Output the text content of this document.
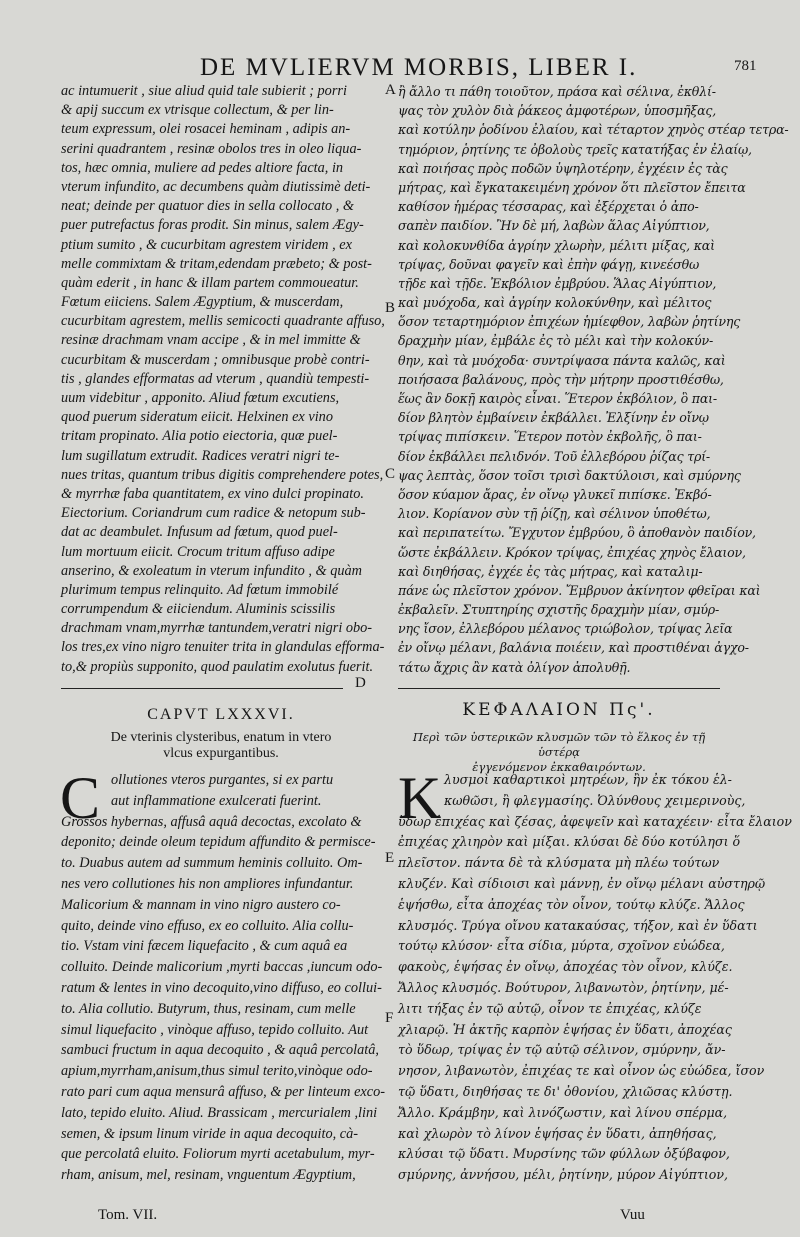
DE MVLIERVM MORBIS, LIBER I.	781
ac intumuerit , siue aliud quid tale subierit ; porri
& apij succum ex vtrisque collectum, & per lin-
teum expressum, olei rosacei heminam , adipis an-
serini quadrantem , resinæ obolos tres in oleo liqua-
tos, hæc omnia, muliere ad pedes altiore facta, in
vterum infundito, ac decumbens quàm diutissimè deti-
neat; deinde per quatuor dies in sella collocato , &
puer putrefactus foras prodit. Sin minus, salem Ægy-
ptium sumito , & cucurbitam agrestem viridem , ex
melle commixtam & tritam,edendam præbeto; & post-
quàm ederit , in hanc & illam partem commoueatur.
Fœtum eiiciens. Salem Ægyptium, & muscerdam,
cucurbitam agrestem, mellis semicocti quadrante affuso,
resinæ drachmam vnam accipe , & in mel immitte &
cucurbitam & muscerdam ; omnibusque probè contri-
tis , glandes efformatas ad vterum , quandiù tempesti-
uum videbitur , apponito. Aliud fœtum excutiens,
quod puerum sideratum eiicit. Helxinen ex vino
tritam propinato. Alia potio eiectoria, quæ puel-
lum sugillatum extrudit. Radices veratri nigri te-
nues tritas, quantum tribus digitis comprehendere potes,
& myrrhæ faba quantitatem, ex vino dulci propinato.
Eiectorium. Coriandrum cum radice & netopum sub-
dat ac deambulet. Infusum ad fœtum, quod puel-
lum mortuum eiicit. Crocum tritum affuso adipe
anserino, & exoleatum in vterum infundito , & quàm
plurimum tempus relinquito. Ad fœtum immobilé
corrumpendum & eiiciendum. Aluminis scissilis
drachmam vnam,myrrhæ tantundem,veratri nigri obo-
los tres,ex vino nigro tenuiter trita in glandulas efforma-
to,& propiùs supponito, quod paulatim exolutus fuerit.
ἢ ἄλλο τι πάθη τοιοῦτον, πράσα καὶ σέλινα, ἐκθλί-
ψας τὸν χυλὸν διὰ ῥάκεος ἀμφοτέρων, ὑποσμῆξας,
καὶ κοτύλην ῥοδίνου ἐλαίου, καὶ τέταρτον χηνὸς στέαρ τετρα-
τημόριον, ῥητίνης τε ὀβολοὺς τρεῖς κατατήξας ἐν ἐλαίῳ,
καὶ ποιήσας πρὸς ποδῶν ὑψηλοτέρην, ἐγχέειν ἐς τὰς
μήτρας, καὶ ἔγκατακειμένη χρόνον ὅτι πλεῖστον ἔπειτα
καθίσον ἡμέρας τέσσαρας, καὶ ἐξέρχεται ὁ ἀπο-
σαπὲν παιδίον. Ἢν δὲ μή, λαβὼν ἅλας Αἰγύπτιον,
καὶ κολοκυνθίδα ἀγρίην χλωρὴν, μέλιτι μίξας, καὶ
τρίψας, δοῦναι φαγεῖν καὶ ἐπὴν φάγῃ, κινεέσθω
τῇδε καὶ τῇδε. Ἐκβόλιον ἐμβρύου. Ἅλας Αἰγύπτιον,
καὶ μυόχοδα, καὶ ἀγρίην κολοκύνθην, καὶ μέλιτος
ὅσον τεταρτημόριον ἐπιχέων ἡμίεφθον, λαβὼν ῥητίνης
δραχμὴν μίαν, ἐμβάλε ἐς τὸ μέλι καὶ τὴν κολοκύν-
θην, καὶ τὰ μυόχοδα· συντρίψασα πάντα καλῶς, καὶ
ποιήσασα βαλάνους, πρὸς τὴν μήτρην προστιθέσθω,
ἕως ἂν δοκῇ καιρὸς εἶναι. Ἕτερον ἐκβόλιον, ὃ παι-
δίον βλητὸν ἐμβαίνειν ἐκβάλλει. Ἐλξίνην ἐν οἴνῳ
τρίψας πιπίσκειν. Ἕτερον ποτὸν ἐκβολῆς, ὃ παι-
δίον ἐκβάλλει πελιδνόν. Τοῦ ἐλλεβόρου ῥίζας τρί-
ψας λεπτὰς, ὅσον τοῖσι τρισὶ δακτύλοισι, καὶ σμύρνης
ὅσον κύαμον ἄρας, ἐν οἴνῳ γλυκεῖ πιπίσκε. Ἐκβό-
λιον. Κορίανον σὺν τῇ ῥίζῃ, καὶ σέλινον ὑποθέτω,
καὶ περιπατείτω. Ἔγχυτον ἐμβρύου, ὃ ἀποθανὸν παιδίον,
ὥστε ἐκβάλλειν. Κρόκον τρίψας, ἐπιχέας χηνὸς ἔλαιον,
καὶ διηθήσας, ἐγχέε ἐς τὰς μήτρας, καὶ καταλιμ-
πάνε ὡς πλεῖστον χρόνον. Ἔμβρυον ἀκίνητον φθεῖραι καὶ
ἐκβαλεῖν. Στυπτηρίης σχιστῆς δραχμὴν μίαν, σμύρ-
νης ἴσον, ἐλλεβόρου μέλανος τριώβολον, τρίψας λεῖα
ἐν οἴνῳ μέλανι, βαλάνια ποιέειν, καὶ προστιθέναι ἀγχο-
τάτω ἄχρις ἂν κατὰ ὀλίγον ἀπολυθῇ.
A
B
C
D
E
F
CAPVT LXXXVI.
De vterinis clysteribus, enatum in vtero
vlcus expurgantibus.
ΚΕΦΑΛΑΙΟΝ Πς'.
Περὶ τῶν ὑστερικῶν κλυσμῶν τῶν τὸ ἕλκος ἐν τῇ ὑστέρᾳ
ἐγγενόμενον ἐκκαθαιρόντων.
C	K
ollutiones vteros purgantes, si ex partu
aut inflammatione exulcerati fuerint.
Grossos hybernas, affusâ aquâ decoctas, excolato &
deponito; deinde oleum tepidum affundito & permisce-
to. Duabus autem ad summum heminis colluito. Om-
nes vero collutiones his non ampliores infundantur.
Malicorium & mannam in vino nigro austero co-
quito, deinde vino effuso, ex eo colluito. Alia collu-
tio. Vstam vini fæcem liquefacito , & cum aquâ ea
colluito. Deinde malicorium ,myrti baccas ,iuncum odo-
ratum & lentes in vino decoquito,vino diffuso, eo collui-
to. Alia collutio. Butyrum, thus, resinam, cum melle
simul liquefacito , vinòque affuso, tepido colluito. Aut
sambuci fructum in aqua decoquito , & aquâ percolatâ,
apium,myrrham,anisum,thus simul terito,vinòque odo-
rato pari cum aqua mensurâ affuso, & per linteum exco-
lato, tepido eluito. Aliud. Brassicam , mercurialem ,lini
semen, & ipsum linum viride in aqua decoquito, cà-
que percolatâ eluito. Foliorum myrti acetabulum, myr-
rham, anisum, mel, resinam, vnguentum Ægyptium,
λυσμοὶ καθαρτικοὶ μητρέων, ἢν ἐκ τόκου ἑλ-
κωθῶσι, ἢ φλεγμασίης. Ὀλύνθους χειμερινοὺς,
ὕδωρ ἐπιχέας καὶ ζέσας, ἀφεψεῖν καὶ καταχέειν· εἶτα ἔλαιον
ἐπιχέας χλιηρὸν καὶ μίξαι. κλύσαι δὲ δύο κοτύλησι ὅ
πλεῖστον. πάντα δὲ τὰ κλύσματα μὴ πλέω τούτων
κλυζέν. Καὶ σίδιοισι καὶ μάννῃ, ἐν οἴνῳ μέλανι αὐστηρῷ
ἑψήσθω, εἶτα ἀποχέας τὸν οἶνον, τούτῳ κλύζε. Ἄλλος
κλυσμός. Τρύγα οἴνου κατακαύσας, τήξον, καὶ ἐν ὕδατι
τούτῳ κλύσον· εἶτα σίδια, μύρτα, σχοῖνον εὐώδεα,
φακοὺς, ἑψήσας ἐν οἴνῳ, ἀποχέας τὸν οἶνον, κλύζε.
Ἄλλος κλυσμός. Βούτυρον, λιβανωτὸν, ῥητίνην, μέ-
λιτι τήξας ἐν τῷ αὐτῷ, οἶνον τε ἐπιχέας, κλύζε
χλιαρῷ. Ἡ ἀκτῆς καρπὸν ἑψήσας ἐν ὕδατι, ἀποχέας
τὸ ὕδωρ, τρίψας ἐν τῷ αὐτῷ σέλινον, σμύρνην, ἄν-
νησον, λιβανωτὸν, ἐπιχέας τε καὶ οἶνον ὡς εὐώδεα, ἴσον
τῷ ὕδατι, διηθήσας τε δι' ὀθονίου, χλιῶσας κλύστῃ.
Ἄλλο. Κράμβην, καὶ λινόζωστιν, καὶ λίνου σπέρμα,
καὶ χλωρὸν τὸ λίνον ἑψήσας ἐν ὕδατι, ἀπηθήσας,
κλύσαι τῷ ὕδατι. Μυρσίνης τῶν φύλλων ὀξύβαφον,
σμύρνης, ἀννήσου, μέλι, ῥητίνην, μύρον Αἰγύπτιον,
Tom. VII.	Vuu
